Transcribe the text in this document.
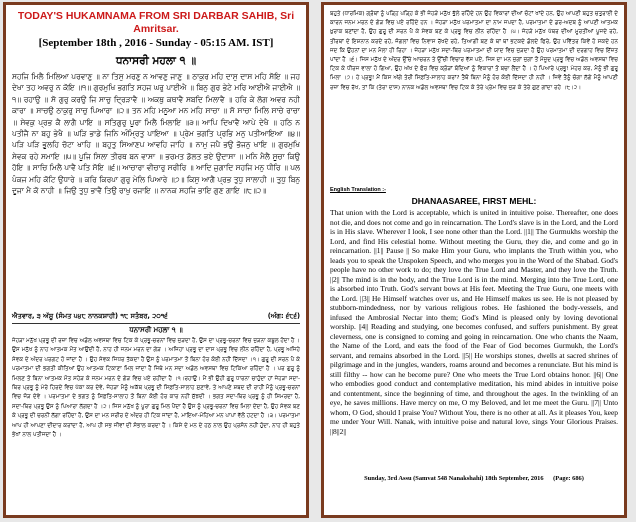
TODAY'S HUKAMNAMA FROM SRI DARBAR SAHIB, Sri Amritsar.
[September 18th , 2016 - Sunday - 05:15 AM. IST]
ਧਨਾਸਰੀ ਮਹਲਾ ੧ ॥
ਸਹਜਿ ਮਿਲੈ ਮਿਲਿਆ ਪਰਵਾਣੁ ॥ ਨਾ ਤਿਸੁ ਮਰਣੁ ਨ ਆਵਣੁ ਜਾਣੁ ॥ ਠਾਕੁਰ ਮਹਿ ਦਾਸੁ ਦਾਸ ਮਹਿ ਸੋਇ ॥ ਜਹ ਦੇਖਾ ਤਹ ਅਵਰੁ ਨ ਕੋਇ ॥੧॥ ਗੁਰਮੁਖਿ ਭਗਤਿ ਸਹਜ ਘਰੁ ਪਾਈਐ ॥ ਬਿਨੁ ਗੁਰ ਭੇਟੇ ਮਰਿ ਆਈਐ ਜਾਈਐ ॥੧॥ ਰਹਾਉ ॥ ਸੋ ਗੁਰੁ ਕਰਉ ਜਿ ਸਾਚੁ ਦ੍ਰਿੜਾਵੈ ॥ ਅਕਥੁ ਕਥਾਵੈ ਸਬਦਿ ਮਿਲਾਵੈ ॥ ਹਰਿ ਕੇ ਲੋਗ ਅਵਰ ਨਹੀ ਕਾਰਾ ॥ ਸਾਚਉ ਠਾਕੁਰੁ ਸਾਚੁ ਪਿਆਰਾ ॥੨॥ ਤਨ ਮਹਿ ਮਨੂਆ ਮਨ ਮਹਿ ਸਾਚਾ ॥ ਸੋ ਸਾਚਾ ਮਿਲਿ ਸਾਚੇ ਰਾਚਾ ॥ ਸੇਵਕੁ ਪ੍ਰਭ ਕੈ ਲਾਗੈ ਪਾਇ ॥ ਸਤਿਗੁਰੁ ਪੂਰਾ ਮਿਲੈ ਮਿਲਾਇ ॥੩॥ ਆਪਿ ਦਿਖਾਵੈ ਆਪੇ ਦੇਖੈ ॥ ਹਠਿ ਨ ਪਤੀਜੈ ਨਾ ਬਹੁ ਭੇਖੈ ॥ ਘੜਿ ਭਾਡੇ ਜਿਨਿ ਅੰਮ੍ਰਿਤੁ ਪਾਇਆ ॥ ਪ੍ਰੇਮ ਭਗਤਿ ਪ੍ਰਭਿ ਮਨੁ ਪਤੀਆਇਆ ॥੪॥ ਪੜਿ ਪੜਿ ਭੂਲਹਿ ਚੋਟਾ ਖਾਹਿ ॥ ਬਹੁਤੁ ਸਿਆਣਪ ਆਵਹਿ ਜਾਹਿ ॥ ਨਾਮੁ ਜਪੈ ਭਉ ਭੋਜਨੁ ਖਾਇ ॥ ਗੁਰਮੁਖਿ ਸੇਵਕ ਰਹੇ ਸਮਾਇ ॥੫॥ ਪੂਜਿ ਸਿਲਾ ਤੀਰਥ ਬਨ ਵਾਸਾ ॥ ਭਰਮਤ ਡੋਲਤ ਭਏ ਉਦਾਸਾ ॥ ਮਨਿ ਮੈਲੈ ਸੂਚਾ ਕਿਉ ਹੋਇ ॥ ਸਾਚਿ ਮਿਲੈ ਪਾਵੈ ਪਤਿ ਸੋਇ ॥੬॥ ਆਚਾਰਾ ਵੀਚਾਰੁ ਸਰੀਰਿ ॥ ਆਦਿ ਜੁਗਾਦਿ ਸਹਜਿ ਮਨੁ ਧੀਰਿ ॥ ਪਲ ਪੰਕਜ ਮਹਿ ਕੋਟਿ ਉਧਾਰੇ ॥ ਕਰਿ ਕਿਰਪਾ ਗੁਰੁ ਮੇਲਿ ਪਿਆਰੇ ॥੭॥ ਕਿਸੁ ਆਗੈ ਪ੍ਰਭ ਤੁਧੁ ਸਾਲਾਹੀ ॥ ਤੁਧੁ ਬਿਨੁ ਦੂਜਾ ਮੈ ਕੋ ਨਾਹੀ ॥ ਜਿਉ ਤੁਧੁ ਭਾਵੈ ਤਿਉ ਰਾਖੁ ਰਜਾਇ ॥ ਨਾਨਕ ਸਹਜਿ ਭਾਇ ਗੁਣ ਗਾਇ ॥੮॥੨॥
ਐਤਵਾਰ, ੩ ਅੱਸੂ (ਸੰਮਤ ੫੪੮ ਨਾਨਕਸ਼ਾਹੀ) ੧੮ ਸਤੰਬਰ, ੨੦੧੬	(ਅੰਗ: ੬੮੬)
ਧਨਾਸਰੀ ਮਹਲਾ ੧ ॥
ਜੇਹੜਾ ਮਨੁੱਖ ਪ੍ਰਭੂ ਦੀ ਰਜ਼ਾ ਵਿਚ ਅਡੋਲ ਅਵਸਥਾ ਵਿਚ ਟਿਕ ਕੇ ਪ੍ਰਭੂ-ਚਰਨਾਂ ਵਿਚ ਜੁੜਦਾ ਹੈ, ਉਸ ਦਾ ਪ੍ਰਭੂ-ਚਰਨਾਂ ਵਿਚ ਜੁੜਨਾ ਕਬੂਲ ਹੋਂਦਾ ਹੈ । ਉਸ ਮਨੁੱਖ ਨੂੰ ਨਾਹ ਆਤਮਕ ਮੌਤ ਆਉਂਦੀ ਹੈ, ਨਾਹ ਹੀ ਜਨਮ ਮਰਨ ਦਾ ਗੇੜ । ਅਜਿਹਾ ਪ੍ਰਭੂ ਦਾ ਦਾਸ ਪ੍ਰਭੂ ਵਿਚ ਲੀਨ ਰਹਿੰਦਾ ਹੈ, ਪ੍ਰਭੂ ਅਜਿਹੇ ਸੇਵਕ ਦੇ ਅੰਦਰ ਪਰਗਟ ਹੋ ਜਾਂਦਾ ਹੈ । ਉਹ ਸੇਵਕ ਜਿਧਰ ਤੱਕਦਾ ਹੈ ਉਸ ਨੂੰ ਪਰਮਾਤਮਾ ਤੋਂ ਬਿਨਾ ਹੋਰ ਕੋਈ ਨਹੀਂ ਦਿੱਸਦਾ ।੧। ਗੁਰੂ ਦੀ ਸਰਨ ਪੈ ਕੇ ਪਰਮਾਤਮਾ ਦੀ ਭਗਤੀ ਕੀਤਿਆਂ ਉਹ ਆਤਮਕ ਟਿਕਾਣਾ ਮਿਲ ਜਾਂਦਾ ਹੈ ਜਿਥੇ ਮਨ ਸਦਾ ਅਡੋਲ ਅਵਸਥਾ ਵਿਚ ਟਿਕਿਆ ਰਹਿੰਦਾ ਹੈ । ਪਰ ਗੁਰੂ ਨੂੰ ਮਿਲਣ ਤੋਂ ਬਿਨਾ ਆਤਮਕ ਮੌਤ ਸਹੇੜ ਕੇ ਜਨਮ ਮਰਨ ਦੇ ਗੇੜ ਵਿਚ ਪਏ ਰਹੀਦਾ ਹੈ ।੧।ਰਹਾਉ। ਮੈਂ ਭੀ ਉਹੀ ਗੁਰੂ ਧਾਰਨਾ ਚਾਹੁੰਦਾ ਹਾਂ ਜੇਹੜਾ ਸਦਾ-ਥਿਰ ਪ੍ਰਭੂ ਨੂੰ ਮੇਰੇ ਹਿਰਦੇ ਵਿਚ ਪੱਕਾ ਕਰ ਦੇਵੇ, ਜੇਹੜਾ ਮੈਨੂੰ ਅਕੱਥ ਪ੍ਰਭੂ ਦੀ ਸਿਫ਼ਤਿ-ਸਾਲਾਹ ਸੁਣਾਵੇ, ਤੇ ਆਪਣੇ ਸ਼ਬਦ ਦੀ ਰਾਹੀਂ ਮੈਨੂੰ ਪ੍ਰਭੂ-ਚਰਨਾਂ ਵਿਚ ਜੋੜ ਦੇਵੇ । ਪਰਮਾਤਮਾ ਦੇ ਭਗਤ ਨੂੰ ਸਿਫ਼ਤਿ-ਸਾਲਾਹ ਤੋਂ ਬਿਨਾ ਕੋਈ ਹੋਰ ਕਾਰ ਨਹੀਂ ਸੁੱਝਦੀ । ਭਗਤ ਸਦਾ-ਥਿਰ ਪ੍ਰਭੂ ਨੂੰ ਹੀ ਸਿਮਰਦਾ ਹੈ, ਸਦਾ-ਥਿਰ ਪ੍ਰਭੂ ਉਸ ਨੂੰ ਪਿਆਰਾ ਲੱਗਦਾ ਹੈ ।੨। ਜਿਸ ਮਨੁੱਖ ਨੂੰ ਪੂਰਾ ਗੁਰੂ ਮਿਲ ਪੈਂਦਾ ਹੈ ਉਸ ਨੂੰ ਪ੍ਰਭੂ-ਚਰਨਾਂ ਵਿਚ ਮਿਲਾ ਦੇਂਦਾ ਹੈ, ਉਹ ਸੇਵਕ ਬਣ ਕੇ ਪ੍ਰਭੂ ਦੀ ਚਰਨੀਂ ਲੱਗਾ ਰਹਿੰਦਾ ਹੈ, ਉਸ ਦਾ ਮਨ ਸਰੀਰ ਦੇ ਅੰਦਰ ਹੀ ਟਿਕ ਜਾਂਦਾ ਹੈ, ਮਾਇਆ-ਮੋਹਿਆ ਮਨ ਪਾਪਾਂ ਵੱਲੋਂ ਹਟਦਾ ਹੈ ।੩। ਪਰਮਾਤਮਾ ਆਪ ਹੀ ਆਪਣਾ ਦੀਦਾਰ ਕਰਾਂਦਾ ਹੈ, ਆਪ ਹੀ ਸਭ ਜੀਵਾਂ ਦੀ ਸੰਭਾਲ ਕਰਦਾ ਹੈ । ਕਿਸੇ ਦੇ ਮਨ ਦੇ ਹਠ ਨਾਲ ਉਹ ਪ੍ਰਸੰਨ ਨਹੀਂ ਹੁੰਦਾ, ਨਾਹ ਹੀ ਬਹੁਤੇ ਭੇਖਾਂ ਨਾਲ ਪਤੀਜਦਾ ਹੈ ।
ਬਹੁਤੇ (ਧਾਰਮਿਕ) ਗ੍ਰੰਥਾਂ ਨੂੰ ਪੜ੍ਹਿ ਪੜ੍ਹਿ ਕੇ ਭੀ ਜੇਹੜੇ ਮਨੁੱਖ ਭੁੱਲੇ ਰਹਿੰਦੇ ਹਨ ਉਹ ਵਿਕਾਰਾਂ ਦੀਆਂ ਚੋਟਾਂ ਖਾਂਦੇ ਹਨ, ਉਹ ਆਪਣੀ ਬਹੁਤ ਚਤੁਰਾਈ ਦੇ ਕਾਰਨ ਜਨਮ ਮਰਨ ਦੇ ਗੇੜ ਵਿਚ ਪਏ ਰਹਿੰਦੇ ਹਨ । ਜੇਹੜਾ ਮਨੁੱਖ ਪਰਮਾਤਮਾ ਦਾ ਨਾਮ ਜਪਦਾ ਹੈ, ਪਰਮਾਤਮਾ ਦੇ ਡਰ-ਅਦਬ ਨੂੰ ਆਪਣੀ ਆਤਮਕ ਖ਼ੁਰਾਕ ਬਣਾਂਦਾ ਹੈ, ਉਹ ਗੁਰੂ ਦੀ ਸਰਨ ਪੈ ਕੇ ਸੇਵਕ ਬਣ ਕੇ ਪ੍ਰਭੂ ਵਿਚ ਲੀਨ ਰਹਿੰਦਾ ਹੈ ।੫। ਜੇਹੜੇ ਮਨੁੱਖ ਪੱਥਰ ਦੀਆਂ ਮੂਰਤੀਆਂ ਪੂਜਦੇ ਰਹੇ, ਤੀਰਥਾਂ ਦੇ ਇਸ਼ਨਾਨ ਕਰਦੇ ਰਹੇ, ਜੰਗਲਾਂ ਵਿਚ ਨਿਵਾਸ ਰੱਖਦੇ ਰਹੇ, ਤਿਆਗੀ ਬਣ ਕੇ ਥਾਂ ਥਾਂ ਭਟਕਦੇ ਡੋਲਦੇ ਫਿਰੇ, ਉਹ ਪਵਿੱਤਰ ਕਿਵੇਂ ਹੋ ਸਕਦੇ ਹਨ ਜਦ ਕਿ ਉਹਨਾਂ ਦਾ ਮਨ ਮੈਲਾ ਹੀ ਰਿਹਾ । ਜੇਹੜਾ ਮਨੁੱਖ ਸਦਾ-ਥਿਰ ਪਰਮਾਤਮਾ ਦੀ ਯਾਦ ਵਿਚ ਜੁੜਦਾ ਹੈ ਉਹ ਪਰਮਾਤਮਾ ਦੀ ਦਰਗਾਹ ਵਿਚ ਇੱਜ਼ਤ ਪਾਂਦਾ ਹੈ ।੬। ਜਿਸ ਮਨੁੱਖ ਦੇ ਅੰਦਰ ਉੱਚੇ ਆਚਰਨ ਤੇ ਉੱਚੀ ਵਿਚਾਰ ਵੱਸ ਪਏ, ਜਿਸ ਦਾ ਮਨ ਜੁਗਾਂ ਜੁਗਾਂ ਤੋਂ ਮੌਜੂਦ ਪ੍ਰਭੂ ਵਿਚ ਅਡੋਲ ਅਵਸਥਾ ਵਿਚ ਟਿਕ ਕੇ ਧੀਰਜ ਵਾਲਾ ਹੋ ਗਿਆ, ਉਹ ਅੱਖ ਦੇ ਫੋਰ ਵਿਚ ਕ੍ਰੋੜਾਂ ਬੰਦਿਆਂ ਨੂੰ ਵਿਕਾਰਾਂ ਤੋਂ ਬਚਾ ਲੈਂਦਾ ਹੈ । ਹੇ ਪਿਆਰੇ ਪ੍ਰਭੂ! ਮੇਹਰ ਕਰ, ਮੈਨੂੰ ਭੀ ਗੁਰੂ ਮਿਲਾ ।੭। ਹੇ ਪ੍ਰਭੂ! ਮੈਂ ਕਿਸ ਅੱਗੇ ਤੇਰੀ ਸਿਫ਼ਤਿ-ਸਾਲਾਹ ਕਰਾਂ? ਤੈਥੋਂ ਬਿਨਾ ਮੈਨੂੰ ਹੋਰ ਕੋਈ ਦਿੱਸਦਾ ਹੀ ਨਹੀਂ । ਜਿਵੇਂ ਤੈਨੂੰ ਚੰਗਾ ਲੱਗੇ ਮੈਨੂੰ ਆਪਣੀ ਰਜ਼ਾ ਵਿਚ ਰੱਖ, ਤਾਂ ਕਿ (ਤੇਰਾ ਦਾਸ) ਨਾਨਕ ਅਡੋਲ ਅਵਸਥਾ ਵਿਚ ਟਿਕ ਕੇ ਤੇਰੇ ਪ੍ਰੇਮ ਵਿਚ ਜੁੜ ਕੇ ਤੇਰੇ ਗੁਣ ਗਾਂਦਾ ਰਹੇ ।੮।੨।
English Translation :-
DHANAASAREE, FIRST MEHL:
That union with the Lord is acceptable, which is united in intuitive poise. Thereafter, one does not die, and does not come and go in reincarnation. The Lord's slave is in the Lord, and the Lord is in His slave. Wherever I look, I see none other than the Lord. ||1|| The Gurmukhs worship the Lord, and find His celestial home. Without meeting the Guru, they die, and come and go in reincarnation. ||1|| Pause || So make Him your Guru, who implants the Truth within you, who leads you to speak the Unspoken Speech, and who merges you in the Word of the Shabad. God's people have no other work to do; they love the True Lord and Master, and they love the Truth. ||2|| The mind is in the body, and the True Lord is in the mind. Merging into the True Lord, one is absorbed into Truth. God's servant bows at His feet. Meeting the True Guru, one meets with the Lord. ||3|| He Himself watches over us, and He Himself makes us see. He is not pleased by stubborn-mindedness, nor by various religious robes. He fashioned the body-vessels, and infused the Ambrosial Nectar into them; God's Mind is pleased only by loving devotional worship. ||4|| Reading and studying, one becomes confused, and suffers punishment. By great cleverness, one is consigned to coming and going in reincarnation. One who chants the Naam, the Name of the Lord, and eats the food of the Fear of God becomes Gurmukh, the Lord's servant, and remains absorbed in the Lord. ||5|| He worships stones, dwells at sacred shrines of pilgrimage and in the jungles, wanders, roams around and becomes a renunciate. But his mind is still filthy -- how can he become pure? One who meets the True Lord obtains honor. ||6|| One who embodies good conduct and contemplative meditation, his mind abides in intuitive poise and contentment, since the beginning of time, and throughout the ages. In the twinkling of an eye, he saves millions. Have mercy on me, O my Beloved, and let me meet the Guru. ||7|| Unto whom, O God, should I praise You? Without You, there is no other at all. As it pleases You, keep me under Your Will. Nanak, with intuitive poise and natural love, sings Your Glorious Praises. ||8||2||
Sunday, 3rd Assu (Samvat 548 Nanakshahi) 18th September, 2016 (Page: 686)
